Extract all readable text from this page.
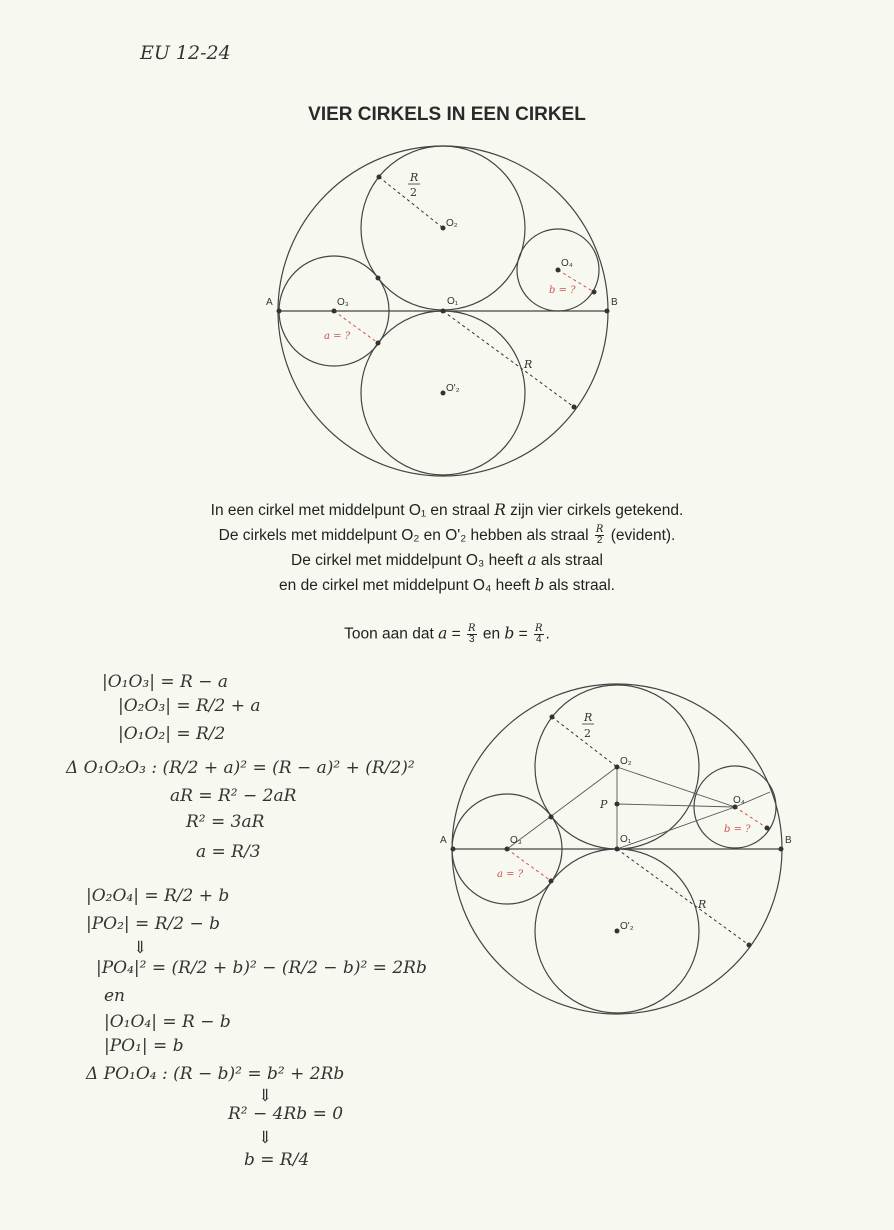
EU 12-24
VIER CIRKELS IN EEN CIRKEL
A	B
O₁
O₂
O'₂
O₃
O₄
R
2
R
a = ?
b = ?

In een cirkel met middelpunt O₁ en straal R zijn vier cirkels getekend.

De cirkels met middelpunt O₂ en O'₂ hebben als straal $\frac{R}{2}$ (evident).

De cirkel met middelpunt O₃ heeft a als straal

en de cirkel met middelpunt O₄ heeft b als straal.

Toon aan dat $a = \frac{R}{3}$ en $b = \frac{R}{4}$ .
|O₁O₃| = R − a
|O₂O₃| = R/2 + a
|O₁O₂| = R/2
Δ O₁O₂O₃ : (R/2 + a)² = (R − a)² + (R/2)²
aR = R² − 2aR
R² = 3aR
a = R/3
|O₂O₄| = R/2 + b
|PO₂| = R/2 − b
⇓
|PO₄|² = (R/2 + b)² − (R/2 − b)² = 2Rb
en
|O₁O₄| = R − b
|PO₁| = b
Δ PO₁O₄ : (R − b)² = b² + 2Rb
⇓
R² − 4Rb = 0
⇓
b = R/4
A	B
O₁
O₂
O'₂
O₃
O₄
P
R
2
R
a = ?
b = ?
